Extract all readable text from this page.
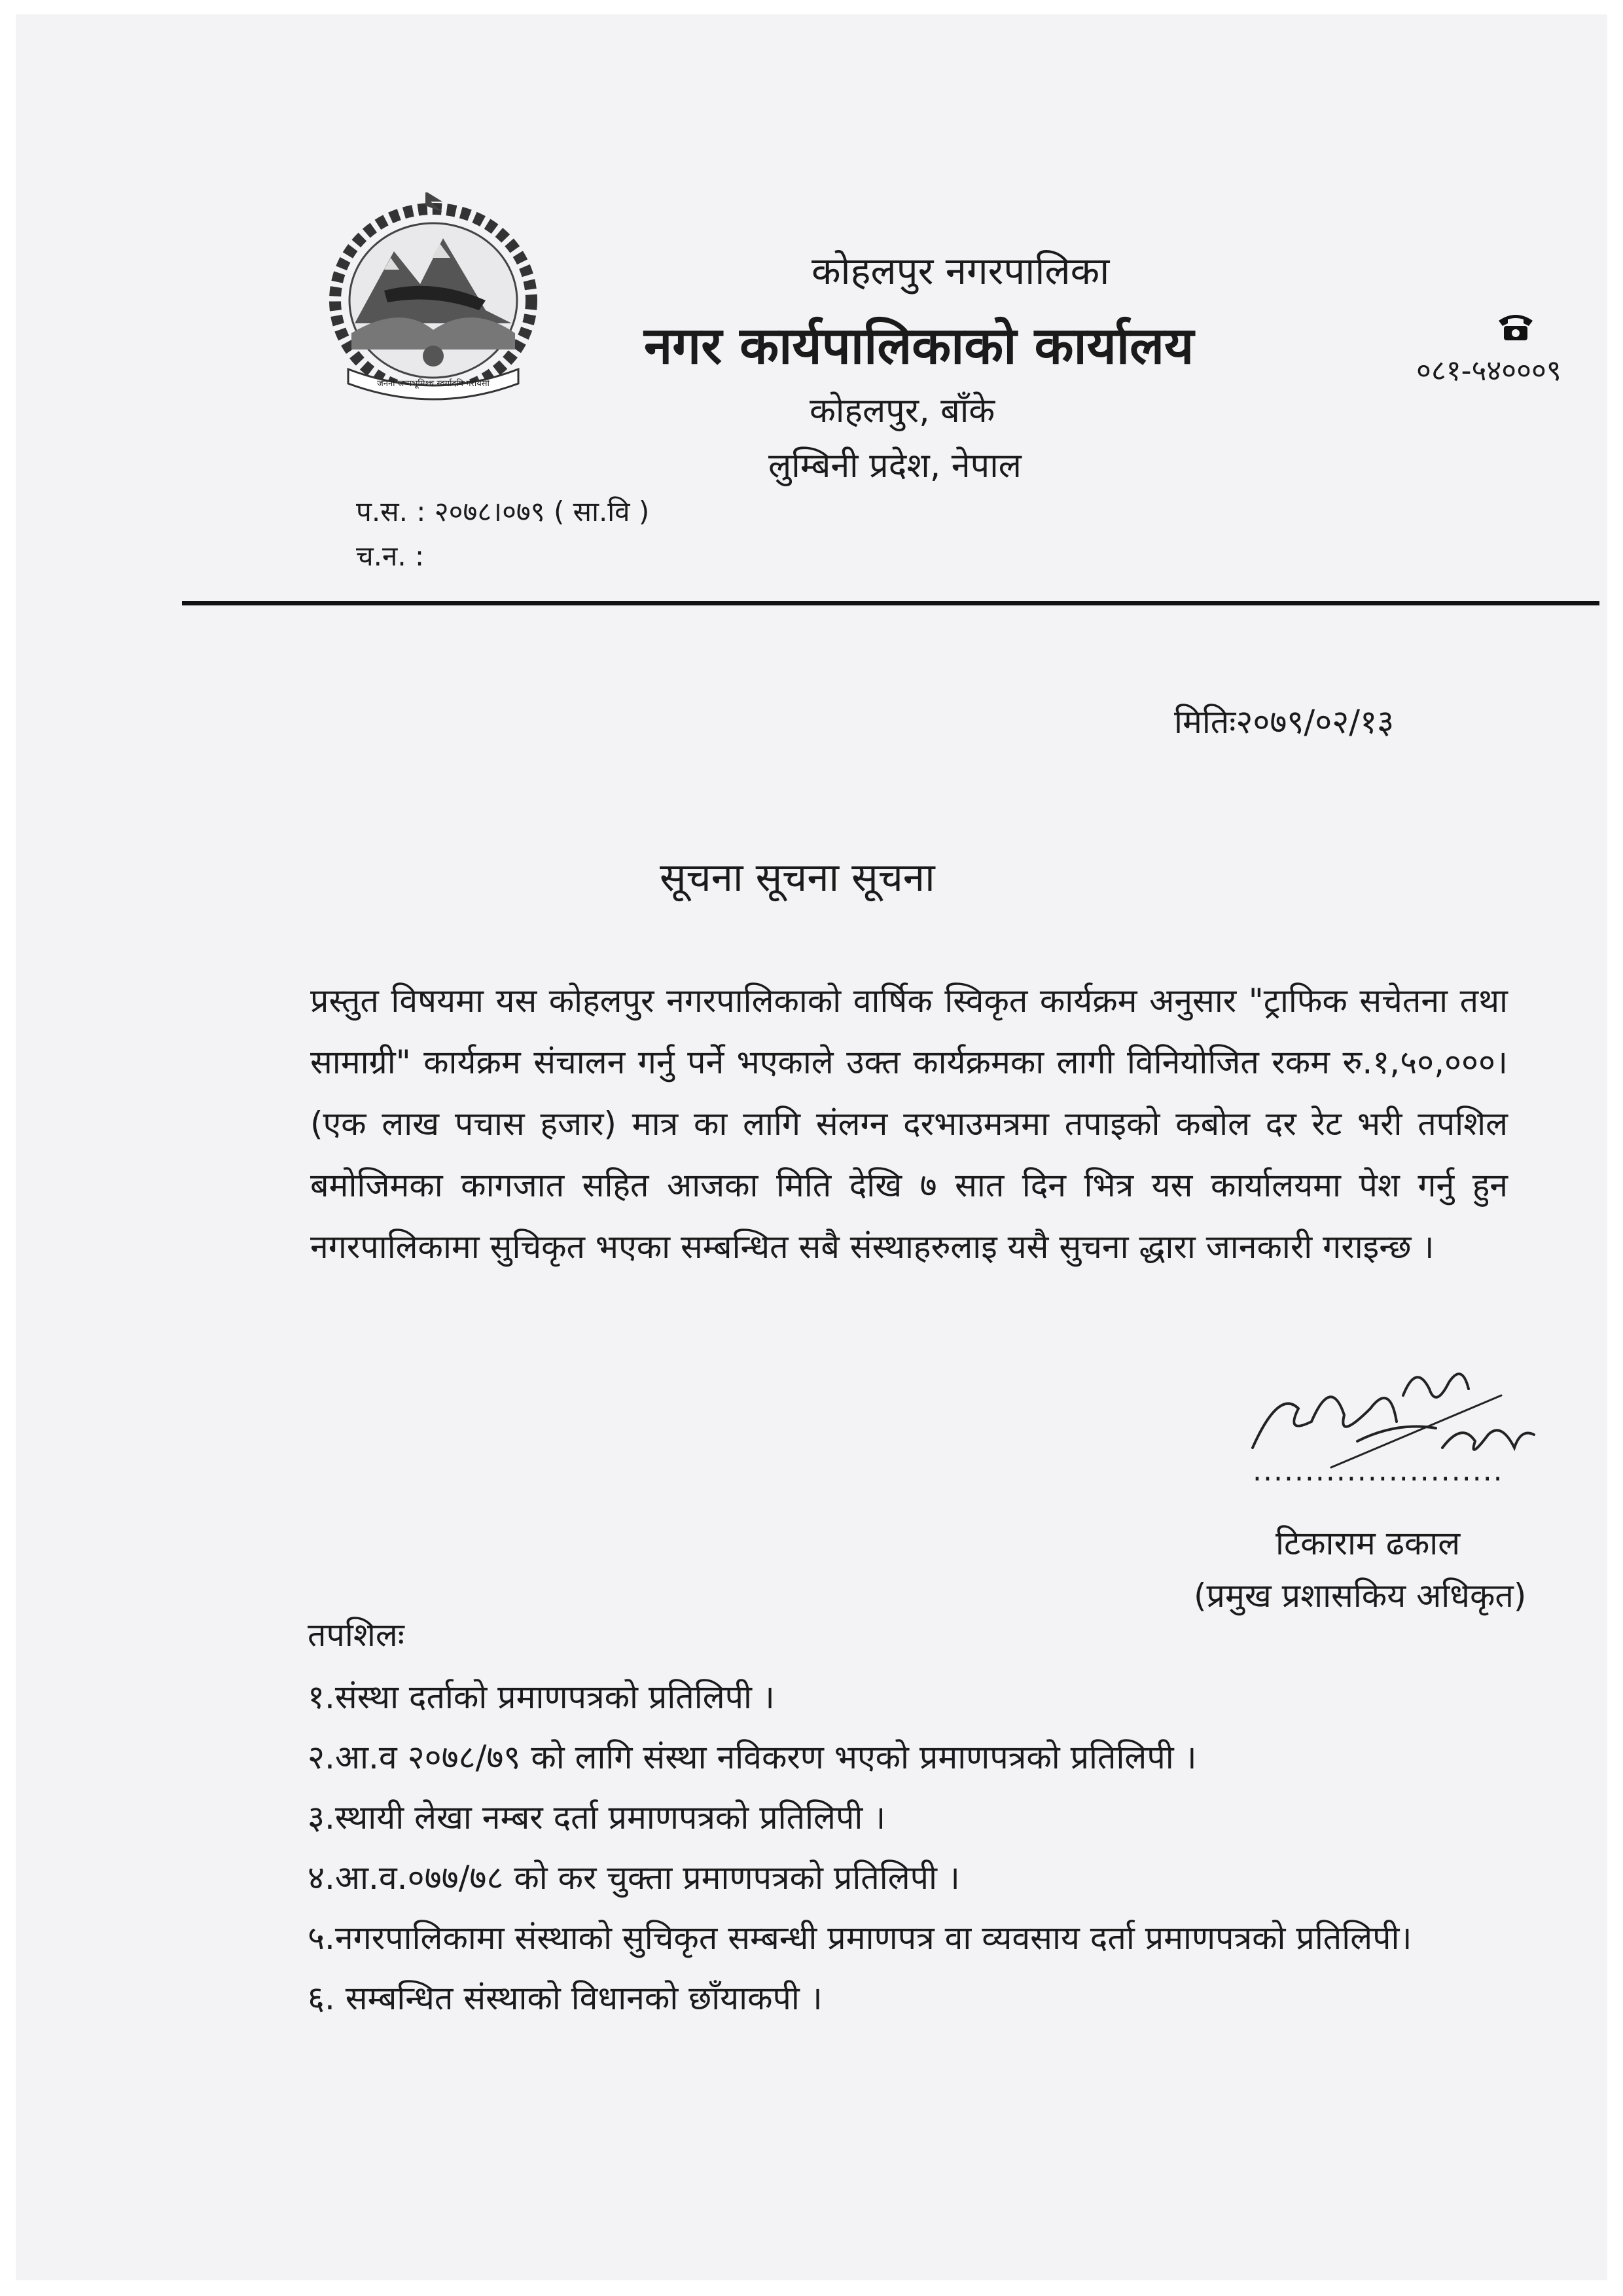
जननी जन्मभूमिश्च स्वर्गादपि गरीयसी
कोहलपुर नगरपालिका
नगर कार्यपालिकाको कार्यालय
कोहलपुर, बाँके
लुम्बिनी प्रदेश, नेपाल
०८१-५४०००९
प.स. : २०७८।०७९ ( सा.वि )
च.न. :
मितिः२०७९/०२/१३
सूचना सूचना सूचना
प्रस्तुत विषयमा यस कोहलपुर नगरपालिकाको वार्षिक स्विकृत कार्यक्रम अनुसार "ट्राफिक सचेतना तथा सामाग्री" कार्यक्रम संचालन गर्नु पर्ने भएकाले उक्त कार्यक्रमका लागी विनियोजित रकम रु.१,५०,०००। (एक लाख पचास हजार) मात्र का लागि संलग्न दरभाउमत्रमा तपाइको कबोल दर रेट भरी तपशिल बमोजिमका कागजात सहित आजका मिति देखि ७ सात दिन भित्र यस कार्यालयमा पेश गर्नु हुन नगरपालिकामा सुचिकृत भएका सम्बन्धित सबै संस्थाहरुलाइ यसै सुचना द्धारा जानकारी गराइन्छ ।
........................
टिकाराम ढकाल
(प्रमुख प्रशासकिय अधिकृत)
तपशिलः
१.संस्था दर्ताको प्रमाणपत्रको प्रतिलिपी ।
२.आ.व २०७८/७९ को लागि संस्था नविकरण भएको प्रमाणपत्रको प्रतिलिपी ।
३.स्थायी लेखा नम्बर दर्ता प्रमाणपत्रको प्रतिलिपी ।
४.आ.व.०७७/७८ को कर चुक्ता प्रमाणपत्रको प्रतिलिपी ।
५.नगरपालिकामा संस्थाको सुचिकृत सम्बन्धी प्रमाणपत्र वा व्यवसाय दर्ता प्रमाणपत्रको प्रतिलिपी।
६. सम्बन्धित संस्थाको विधानको छाँयाकपी ।
